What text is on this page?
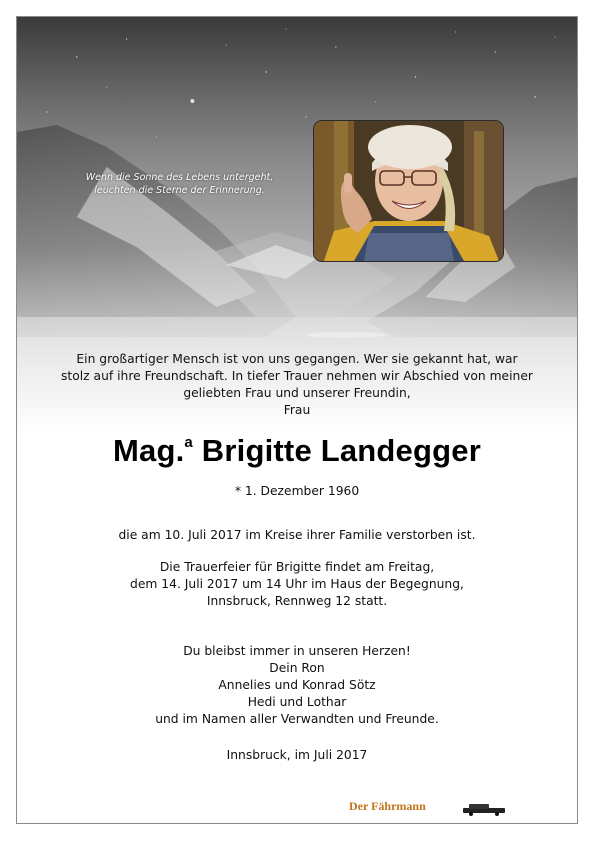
Wenn die Sonne des Lebens untergeht,
leuchten die Sterne der Erinnerung.
Ein großartiger Mensch ist von uns gegangen. Wer sie gekannt hat, war
stolz auf ihre Freundschaft. In tiefer Trauer nehmen wir Abschied von meiner
geliebten Frau und unserer Freundin,
Frau
Mag.$^a$ Brigitte Landegger
* 1. Dezember 1960
die am 10. Juli 2017 im Kreise ihrer Familie verstorben ist.
Die Trauerfeier für Brigitte findet am Freitag,
dem 14. Juli 2017 um 14 Uhr im Haus der Begegnung,
Innsbruck, Rennweg 12 statt.
Du bleibst immer in unseren Herzen!
Dein Ron
Annelies und Konrad Sötz
Hedi und Lothar
und im Namen aller Verwandten und Freunde.
Innsbruck, im Juli 2017
Der Fährmann
